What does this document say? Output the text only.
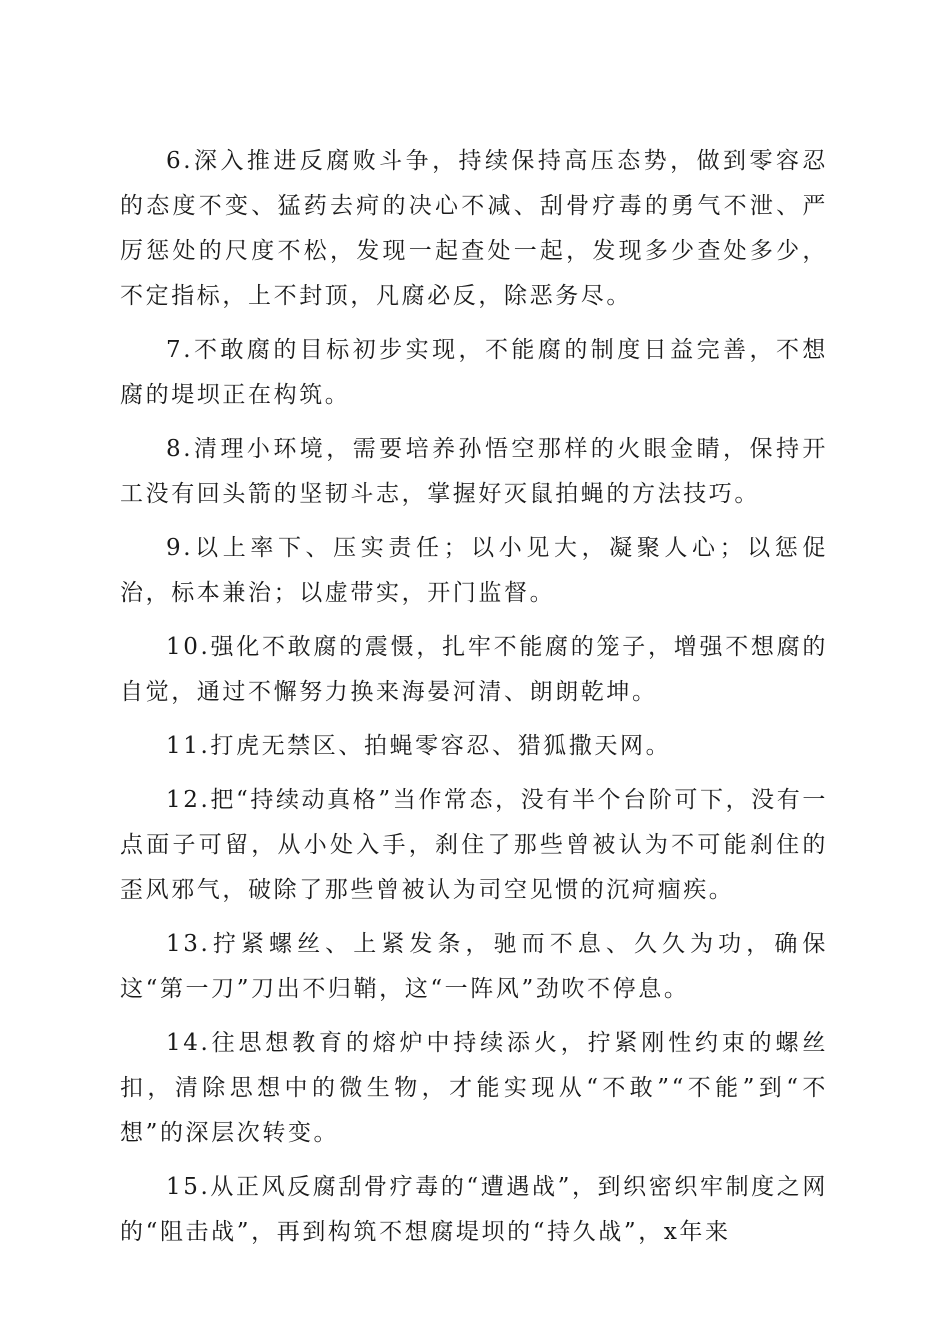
6.深入推进反腐败斗争，持续保持高压态势，做到零容忍的态度不变、猛药去疴的决心不减、刮骨疗毒的勇气不泄、严厉惩处的尺度不松，发现一起查处一起，发现多少查处多少，不定指标，上不封顶，凡腐必反，除恶务尽。

7.不敢腐的目标初步实现，不能腐的制度日益完善，不想腐的堤坝正在构筑。

8.清理小环境，需要培养孙悟空那样的火眼金睛，保持开工没有回头箭的坚韧斗志，掌握好灭鼠拍蝇的方法技巧。

9.以上率下、压实责任；以小见大，凝聚人心；以惩促治，标本兼治；以虚带实，开门监督。

10.强化不敢腐的震慑，扎牢不能腐的笼子，增强不想腐的自觉，通过不懈努力换来海晏河清、朗朗乾坤。

11.打虎无禁区、拍蝇零容忍、猎狐撒天网。

12.把“持续动真格”当作常态，没有半个台阶可下，没有一点面子可留，从小处入手，刹住了那些曾被认为不可能刹住的歪风邪气，破除了那些曾被认为司空见惯的沉疴痼疾。

13.拧紧螺丝、上紧发条，驰而不息、久久为功，确保这“第一刀”刀出不归鞘，这“一阵风”劲吹不停息。

14.往思想教育的熔炉中持续添火，拧紧刚性约束的螺丝扣，清除思想中的微生物，才能实现从“不敢”“不能”到“不想”的深层次转变。

15.从正风反腐刮骨疗毒的“遭遇战”，到织密织牢制度之网的“阻击战”，再到构筑不想腐堤坝的“持久战”，x年来
